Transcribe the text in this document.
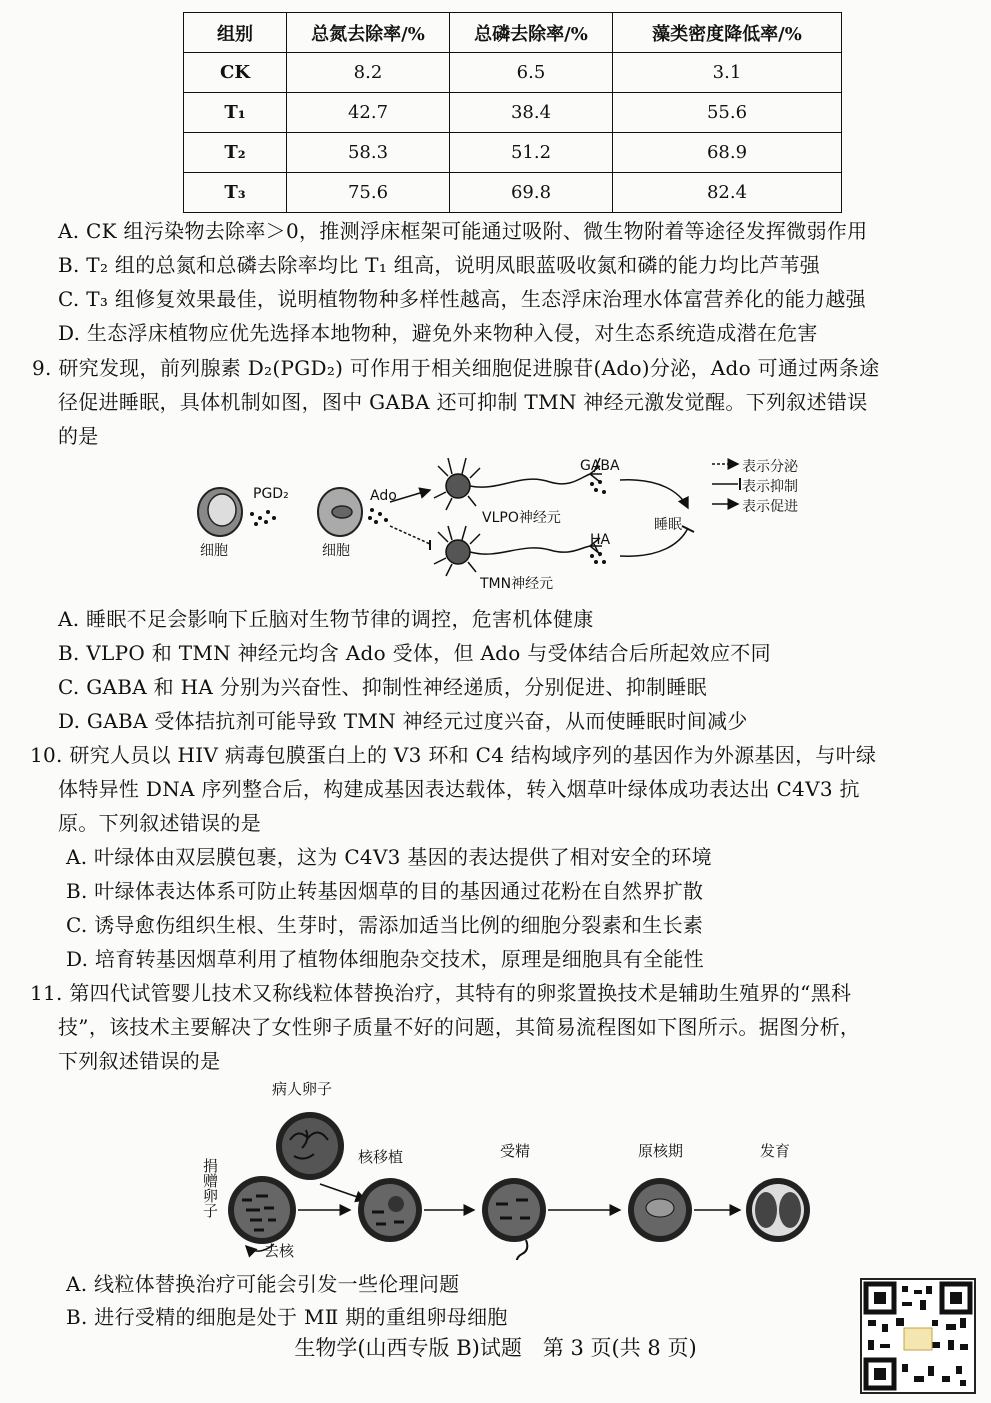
组别	总氮去除率/%	总磷去除率/%	藻类密度降低率/%
CK	8.2	6.5	3.1
T₁	42.7	38.4	55.6
T₂	58.3	51.2	68.9
T₃	75.6	69.8	82.4
A. CK 组污染物去除率＞0，推测浮床框架可能通过吸附、微生物附着等途径发挥微弱作用
B. T₂ 组的总氮和总磷去除率均比 T₁ 组高，说明凤眼蓝吸收氮和磷的能力均比芦苇强
C. T₃ 组修复效果最佳，说明植物物种多样性越高，生态浮床治理水体富营养化的能力越强
D. 生态浮床植物应优先选择本地物种，避免外来物种入侵，对生态系统造成潜在危害
9. 研究发现，前列腺素 D₂(PGD₂) 可作用于相关细胞促进腺苷(Ado)分泌，Ado 可通过两条途
径促进睡眠，具体机制如图，图中 GABA 还可抑制 TMN 神经元激发觉醒。下列叙述错误
的是
细胞	细胞
PGD₂	Ado
VLPO神经元
TMN神经元
GABA
HA
睡眠
表示分泌
表示抑制
表示促进
A. 睡眠不足会影响下丘脑对生物节律的调控，危害机体健康
B. VLPO 和 TMN 神经元均含 Ado 受体，但 Ado 与受体结合后所起效应不同
C. GABA 和 HA 分别为兴奋性、抑制性神经递质，分别促进、抑制睡眠
D. GABA 受体拮抗剂可能导致 TMN 神经元过度兴奋，从而使睡眠时间减少
10. 研究人员以 HIV 病毒包膜蛋白上的 V3 环和 C4 结构域序列的基因作为外源基因，与叶绿
体特异性 DNA 序列整合后，构建成基因表达载体，转入烟草叶绿体成功表达出 C4V3 抗
原。下列叙述错误的是
A. 叶绿体由双层膜包裹，这为 C4V3 基因的表达提供了相对安全的环境
B. 叶绿体表达体系可防止转基因烟草的目的基因通过花粉在自然界扩散
C. 诱导愈伤组织生根、生芽时，需添加适当比例的细胞分裂素和生长素
D. 培育转基因烟草利用了植物体细胞杂交技术，原理是细胞具有全能性
11. 第四代试管婴儿技术又称线粒体替换治疗，其特有的卵浆置换技术是辅助生殖界的“黑科
技”，该技术主要解决了女性卵子质量不好的问题，其简易流程图如下图所示。据图分析，
下列叙述错误的是
病人卵子
捐赠卵子
去核
核移植	受精	原核期	发育
A. 线粒体替换治疗可能会引发一些伦理问题
B. 进行受精的细胞是处于 MⅡ 期的重组卵母细胞
生物学(山西专版 B)试题　第 3 页(共 8 页)
